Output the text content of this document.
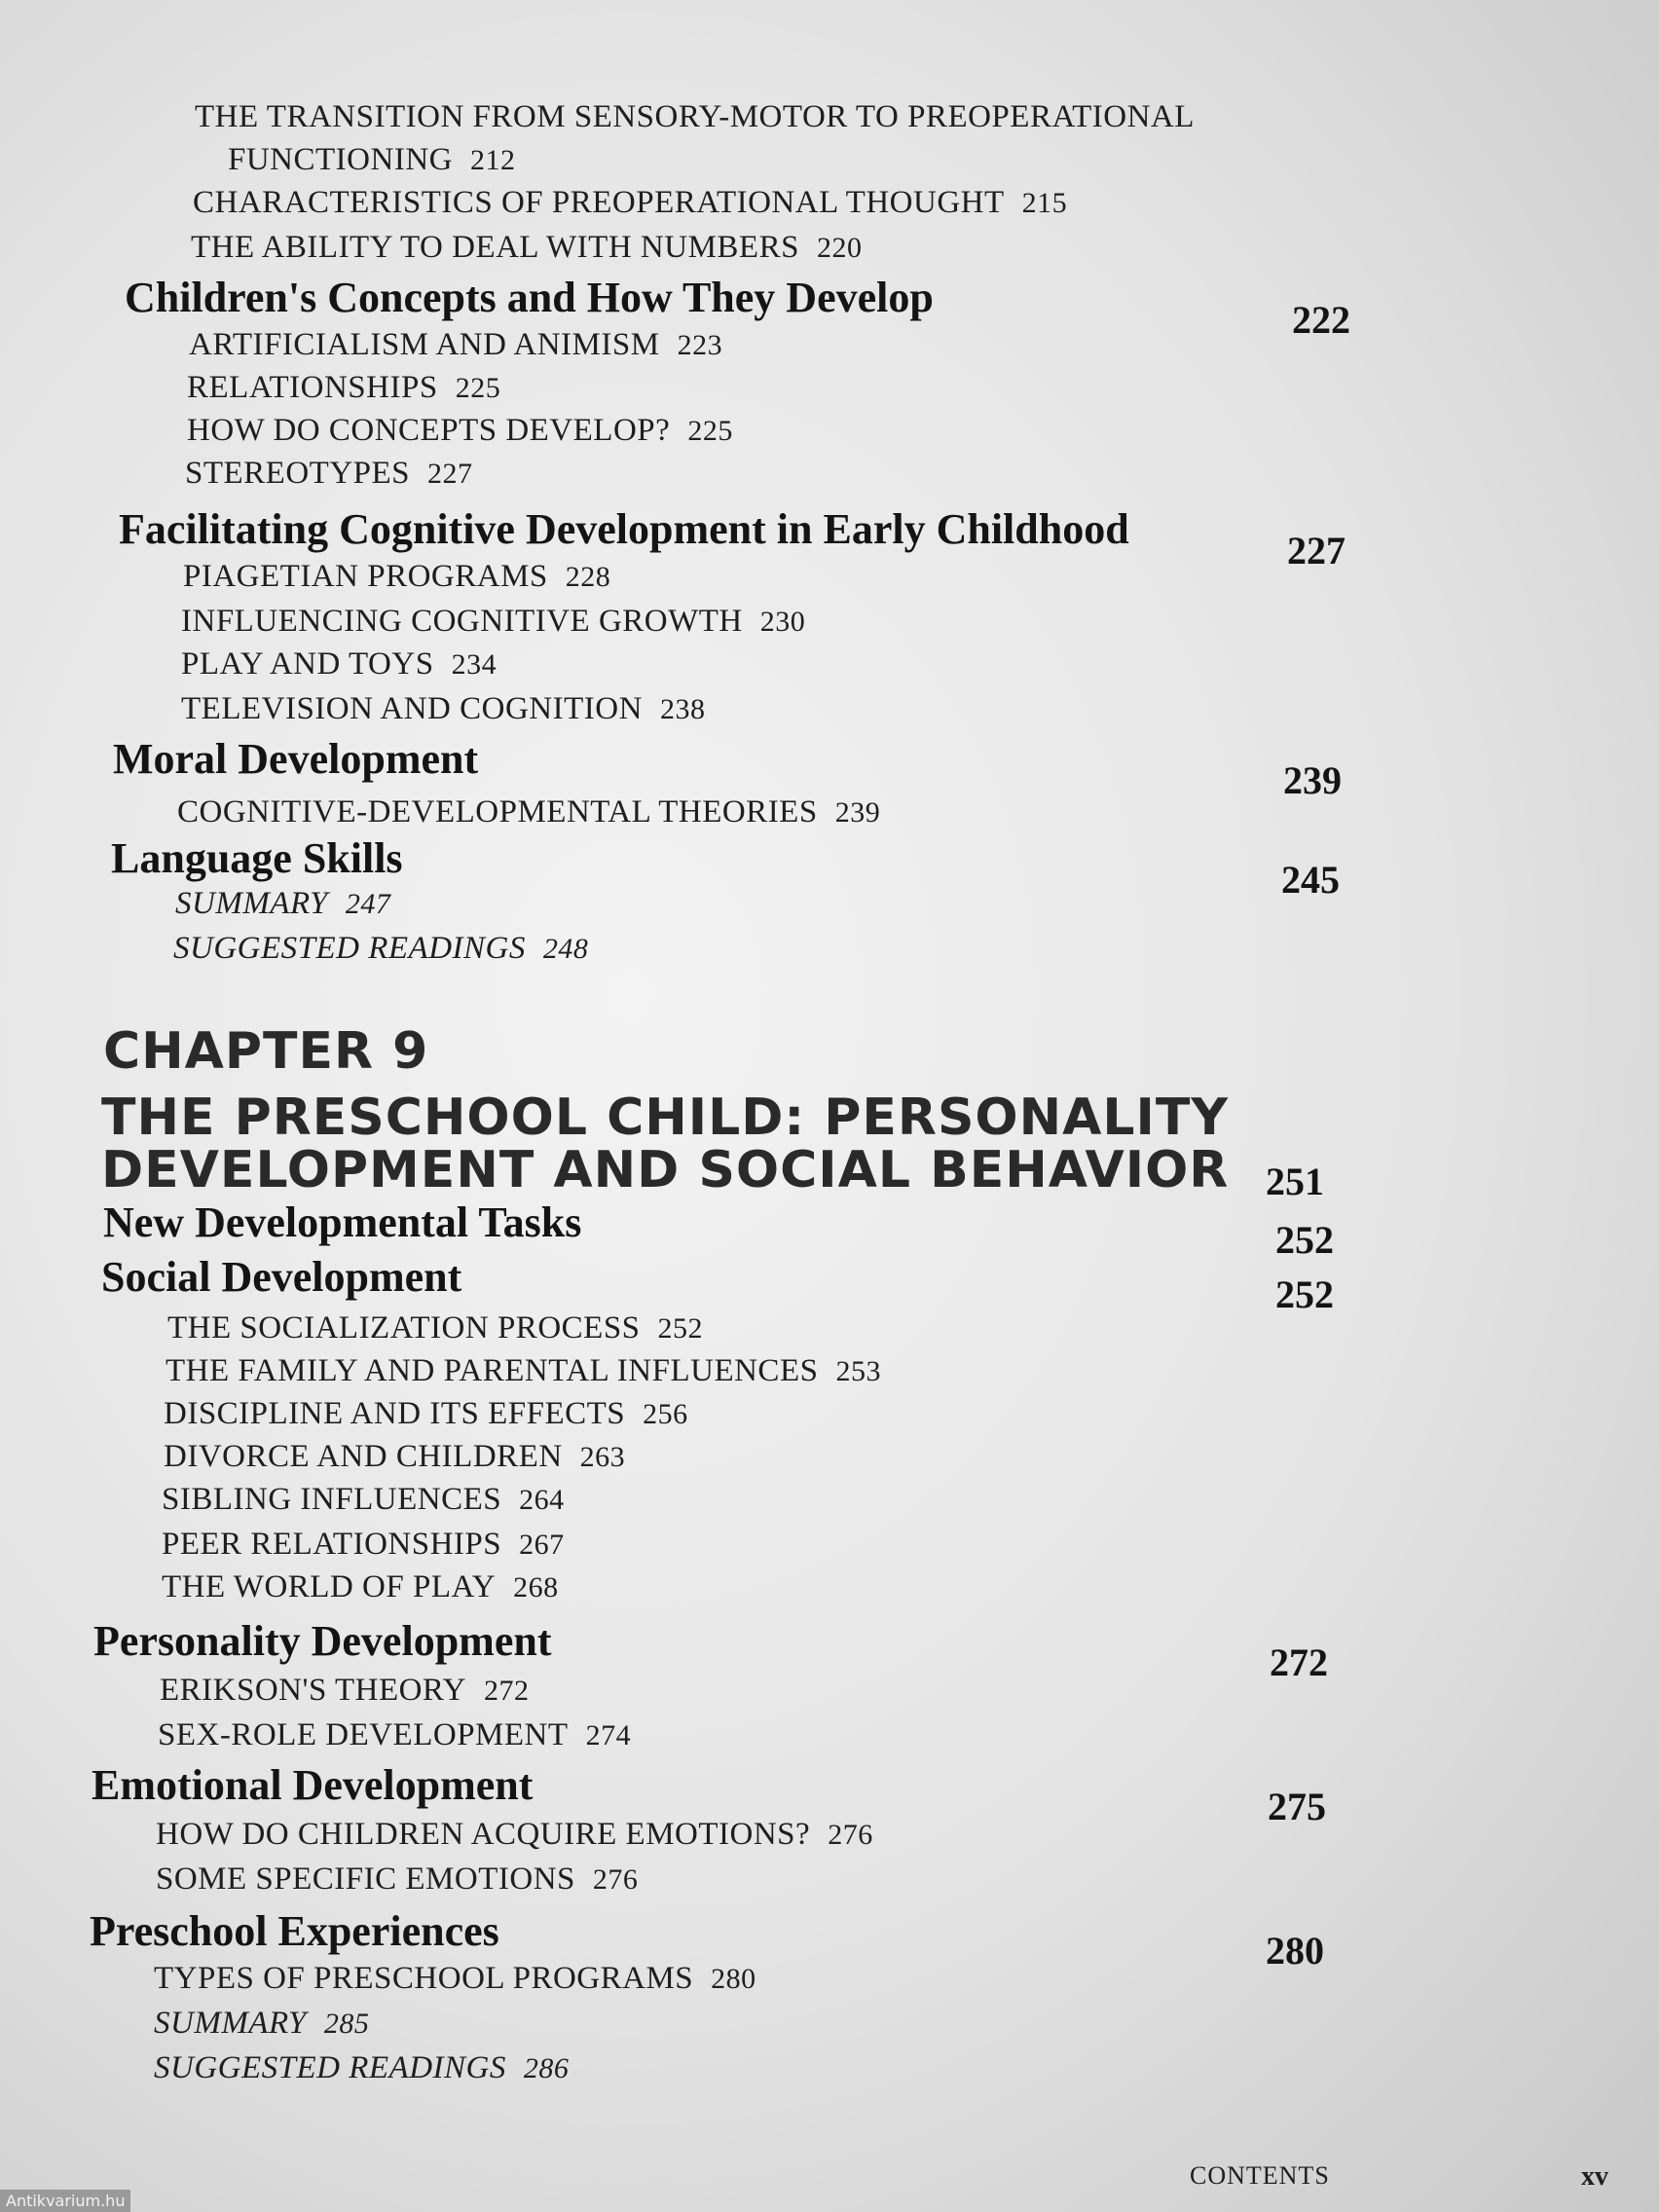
THE TRANSITION FROM SENSORY-MOTOR TO PREOPERATIONAL
FUNCTIONING 212
CHARACTERISTICS OF PREOPERATIONAL THOUGHT 215
THE ABILITY TO DEAL WITH NUMBERS 220
Children's Concepts and How They Develop	222
ARTIFICIALISM AND ANIMISM 223
RELATIONSHIPS 225
HOW DO CONCEPTS DEVELOP? 225
STEREOTYPES 227
Facilitating Cognitive Development in Early Childhood	227
PIAGETIAN PROGRAMS 228
INFLUENCING COGNITIVE GROWTH 230
PLAY AND TOYS 234
TELEVISION AND COGNITION 238
Moral Development	239
COGNITIVE-DEVELOPMENTAL THEORIES 239
Language Skills	245
SUMMARY 247
SUGGESTED READINGS 248
CHAPTER 9
THE PRESCHOOL CHILD: PERSONALITY
DEVELOPMENT AND SOCIAL BEHAVIOR 251
New Developmental Tasks	252
Social Development	252
THE SOCIALIZATION PROCESS 252
THE FAMILY AND PARENTAL INFLUENCES 253
DISCIPLINE AND ITS EFFECTS 256
DIVORCE AND CHILDREN 263
SIBLING INFLUENCES 264
PEER RELATIONSHIPS 267
THE WORLD OF PLAY 268
Personality Development	272
ERIKSON'S THEORY 272
SEX-ROLE DEVELOPMENT 274
Emotional Development	275
HOW DO CHILDREN ACQUIRE EMOTIONS? 276
SOME SPECIFIC EMOTIONS 276
Preschool Experiences	280
TYPES OF PRESCHOOL PROGRAMS 280
SUMMARY 285
SUGGESTED READINGS 286
CONTENTS	xv
Antikvarium.hu
